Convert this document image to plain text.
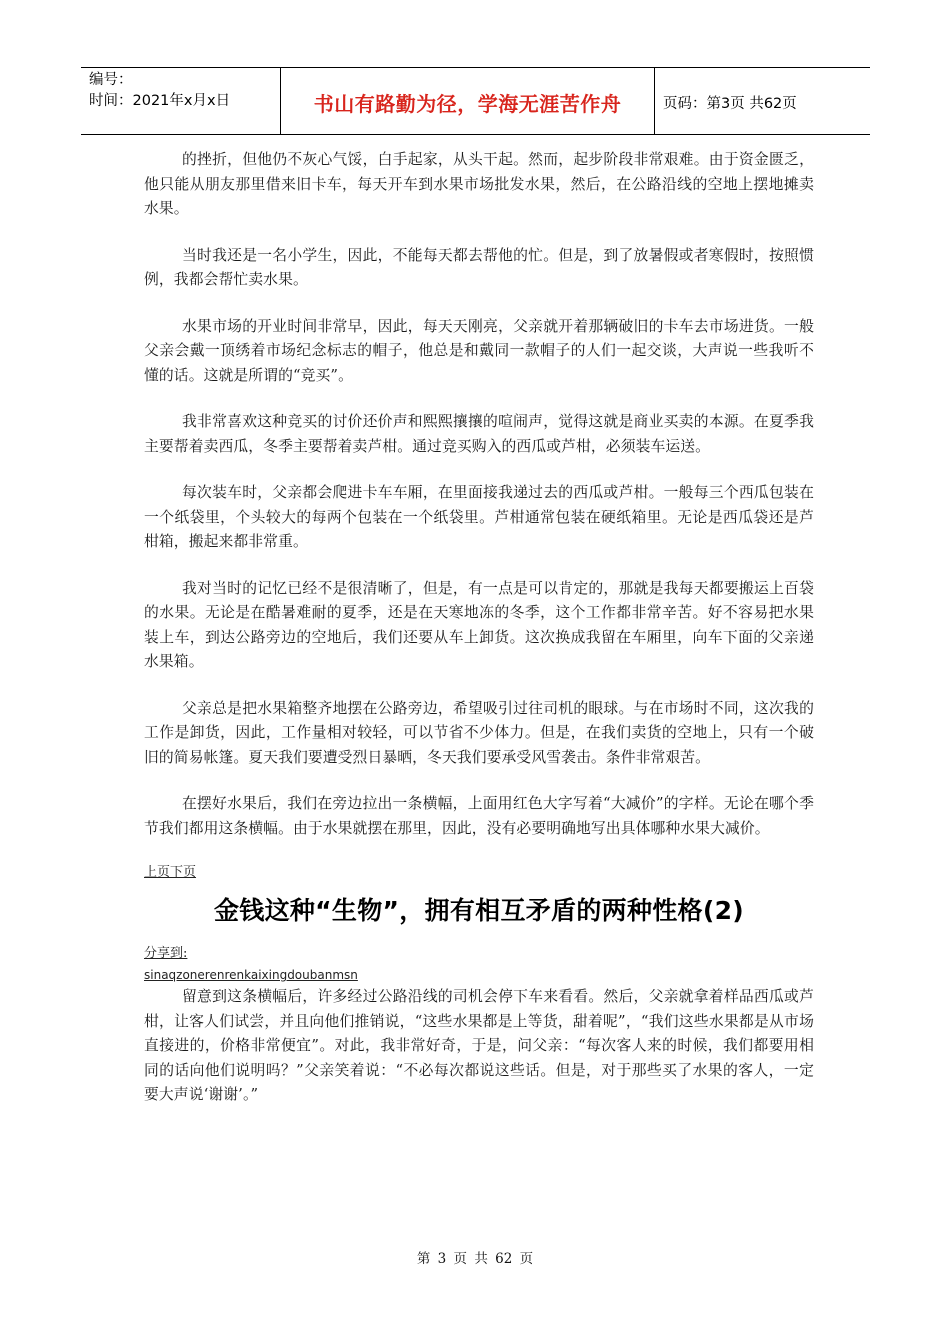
编号：
时间：2021年x月x日	书山有路勤为径，学海无涯苦作舟	页码：第3页 共62页

的挫折，但他仍不灰心气馁，白手起家，从头干起。然而，起步阶段非常艰难。由于资金匮乏，他只能从朋友那里借来旧卡车，每天开车到水果市场批发水果，然后，在公路沿线的空地上摆地摊卖水果。

当时我还是一名小学生，因此，不能每天都去帮他的忙。但是，到了放暑假或者寒假时，按照惯例，我都会帮忙卖水果。

水果市场的开业时间非常早，因此，每天天刚亮，父亲就开着那辆破旧的卡车去市场进货。一般父亲会戴一顶绣着市场纪念标志的帽子，他总是和戴同一款帽子的人们一起交谈，大声说一些我听不懂的话。这就是所谓的“竞买”。

我非常喜欢这种竞买的讨价还价声和熙熙攘攘的喧闹声，觉得这就是商业买卖的本源。在夏季我主要帮着卖西瓜，冬季主要帮着卖芦柑。通过竞买购入的西瓜或芦柑，必须装车运送。

每次装车时，父亲都会爬进卡车车厢，在里面接我递过去的西瓜或芦柑。一般每三个西瓜包装在一个纸袋里，个头较大的每两个包装在一个纸袋里。芦柑通常包装在硬纸箱里。无论是西瓜袋还是芦柑箱，搬起来都非常重。

我对当时的记忆已经不是很清晰了，但是，有一点是可以肯定的，那就是我每天都要搬运上百袋的水果。无论是在酷暑难耐的夏季，还是在天寒地冻的冬季，这个工作都非常辛苦。好不容易把水果装上车，到达公路旁边的空地后，我们还要从车上卸货。这次换成我留在车厢里，向车下面的父亲递水果箱。

父亲总是把水果箱整齐地摆在公路旁边，希望吸引过往司机的眼球。与在市场时不同，这次我的工作是卸货，因此，工作量相对较轻，可以节省不少体力。但是，在我们卖货的空地上，只有一个破旧的简易帐篷。夏天我们要遭受烈日暴晒，冬天我们要承受风雪袭击。条件非常艰苦。

在摆好水果后，我们在旁边拉出一条横幅，上面用红色大字写着“大减价”的字样。无论在哪个季节我们都用这条横幅。由于水果就摆在那里，因此，没有必要明确地写出具体哪种水果大减价。

上页下页
金钱这种“生物”，拥有相互矛盾的两种性格(2)
分享到:
sinaqzonerenrenkaixingdoubanmsn

留意到这条横幅后，许多经过公路沿线的司机会停下车来看看。然后，父亲就拿着样品西瓜或芦柑，让客人们试尝，并且向他们推销说，“这些水果都是上等货，甜着呢”，“我们这些水果都是从市场直接进的，价格非常便宜”。对此，我非常好奇，于是，问父亲：“每次客人来的时候，我们都要用相同的话向他们说明吗？”父亲笑着说：“不必每次都说这些话。但是，对于那些买了水果的客人，一定要大声说‘谢谢’。”

第 3 页 共 62 页
